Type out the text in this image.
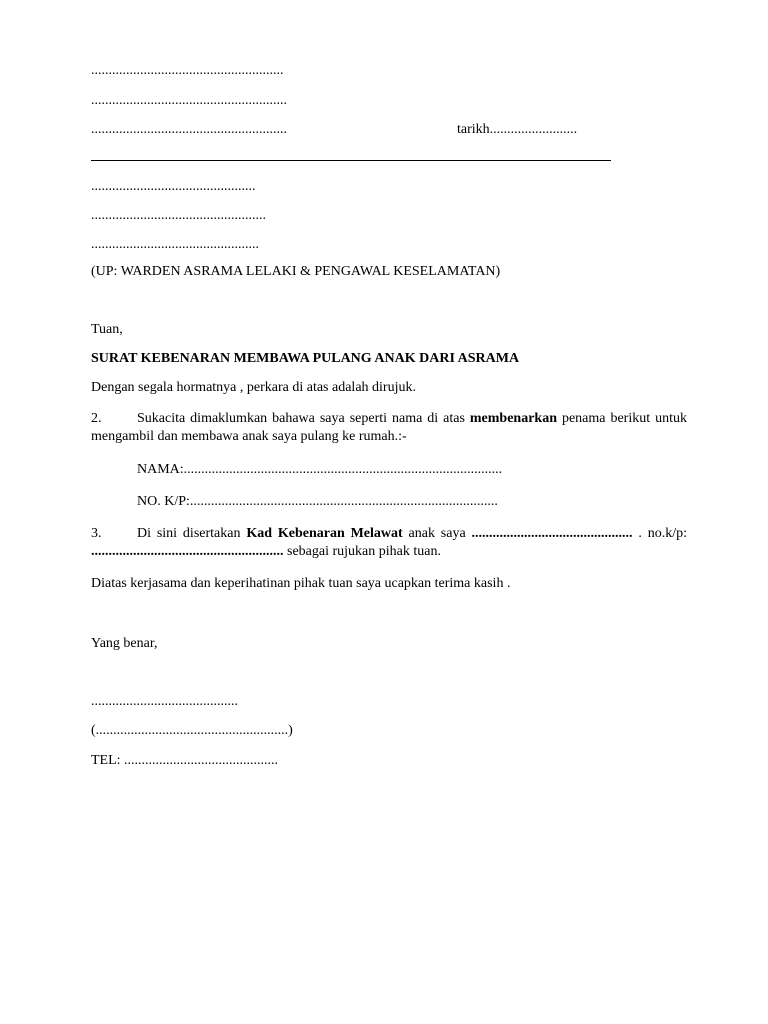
.......................................................
........................................................
........................................................	tarikh.........................
...............................................
..................................................
................................................
(UP: WARDEN ASRAMA LELAKI & PENGAWAL KESELAMATAN)
Tuan,
SURAT KEBENARAN MEMBAWA PULANG ANAK DARI ASRAMA
Dengan segala hormatnya , perkara di atas adalah dirujuk.
2.	Sukacita dimaklumkan bahawa saya seperti nama di atas membenarkan penama berikut untuk mengambil dan membawa anak saya pulang ke rumah.:-
NAMA:...........................................................................................
NO. K/P:........................................................................................
3.	Di sini disertakan Kad Kebenaran Melawat anak saya .............................................. . no.k/p: ....................................................... sebagai rujukan pihak tuan.
Diatas kerjasama dan keperihatinan pihak tuan saya ucapkan terima kasih .
Yang benar,
..........................................
(.......................................................)
TEL: ............................................
